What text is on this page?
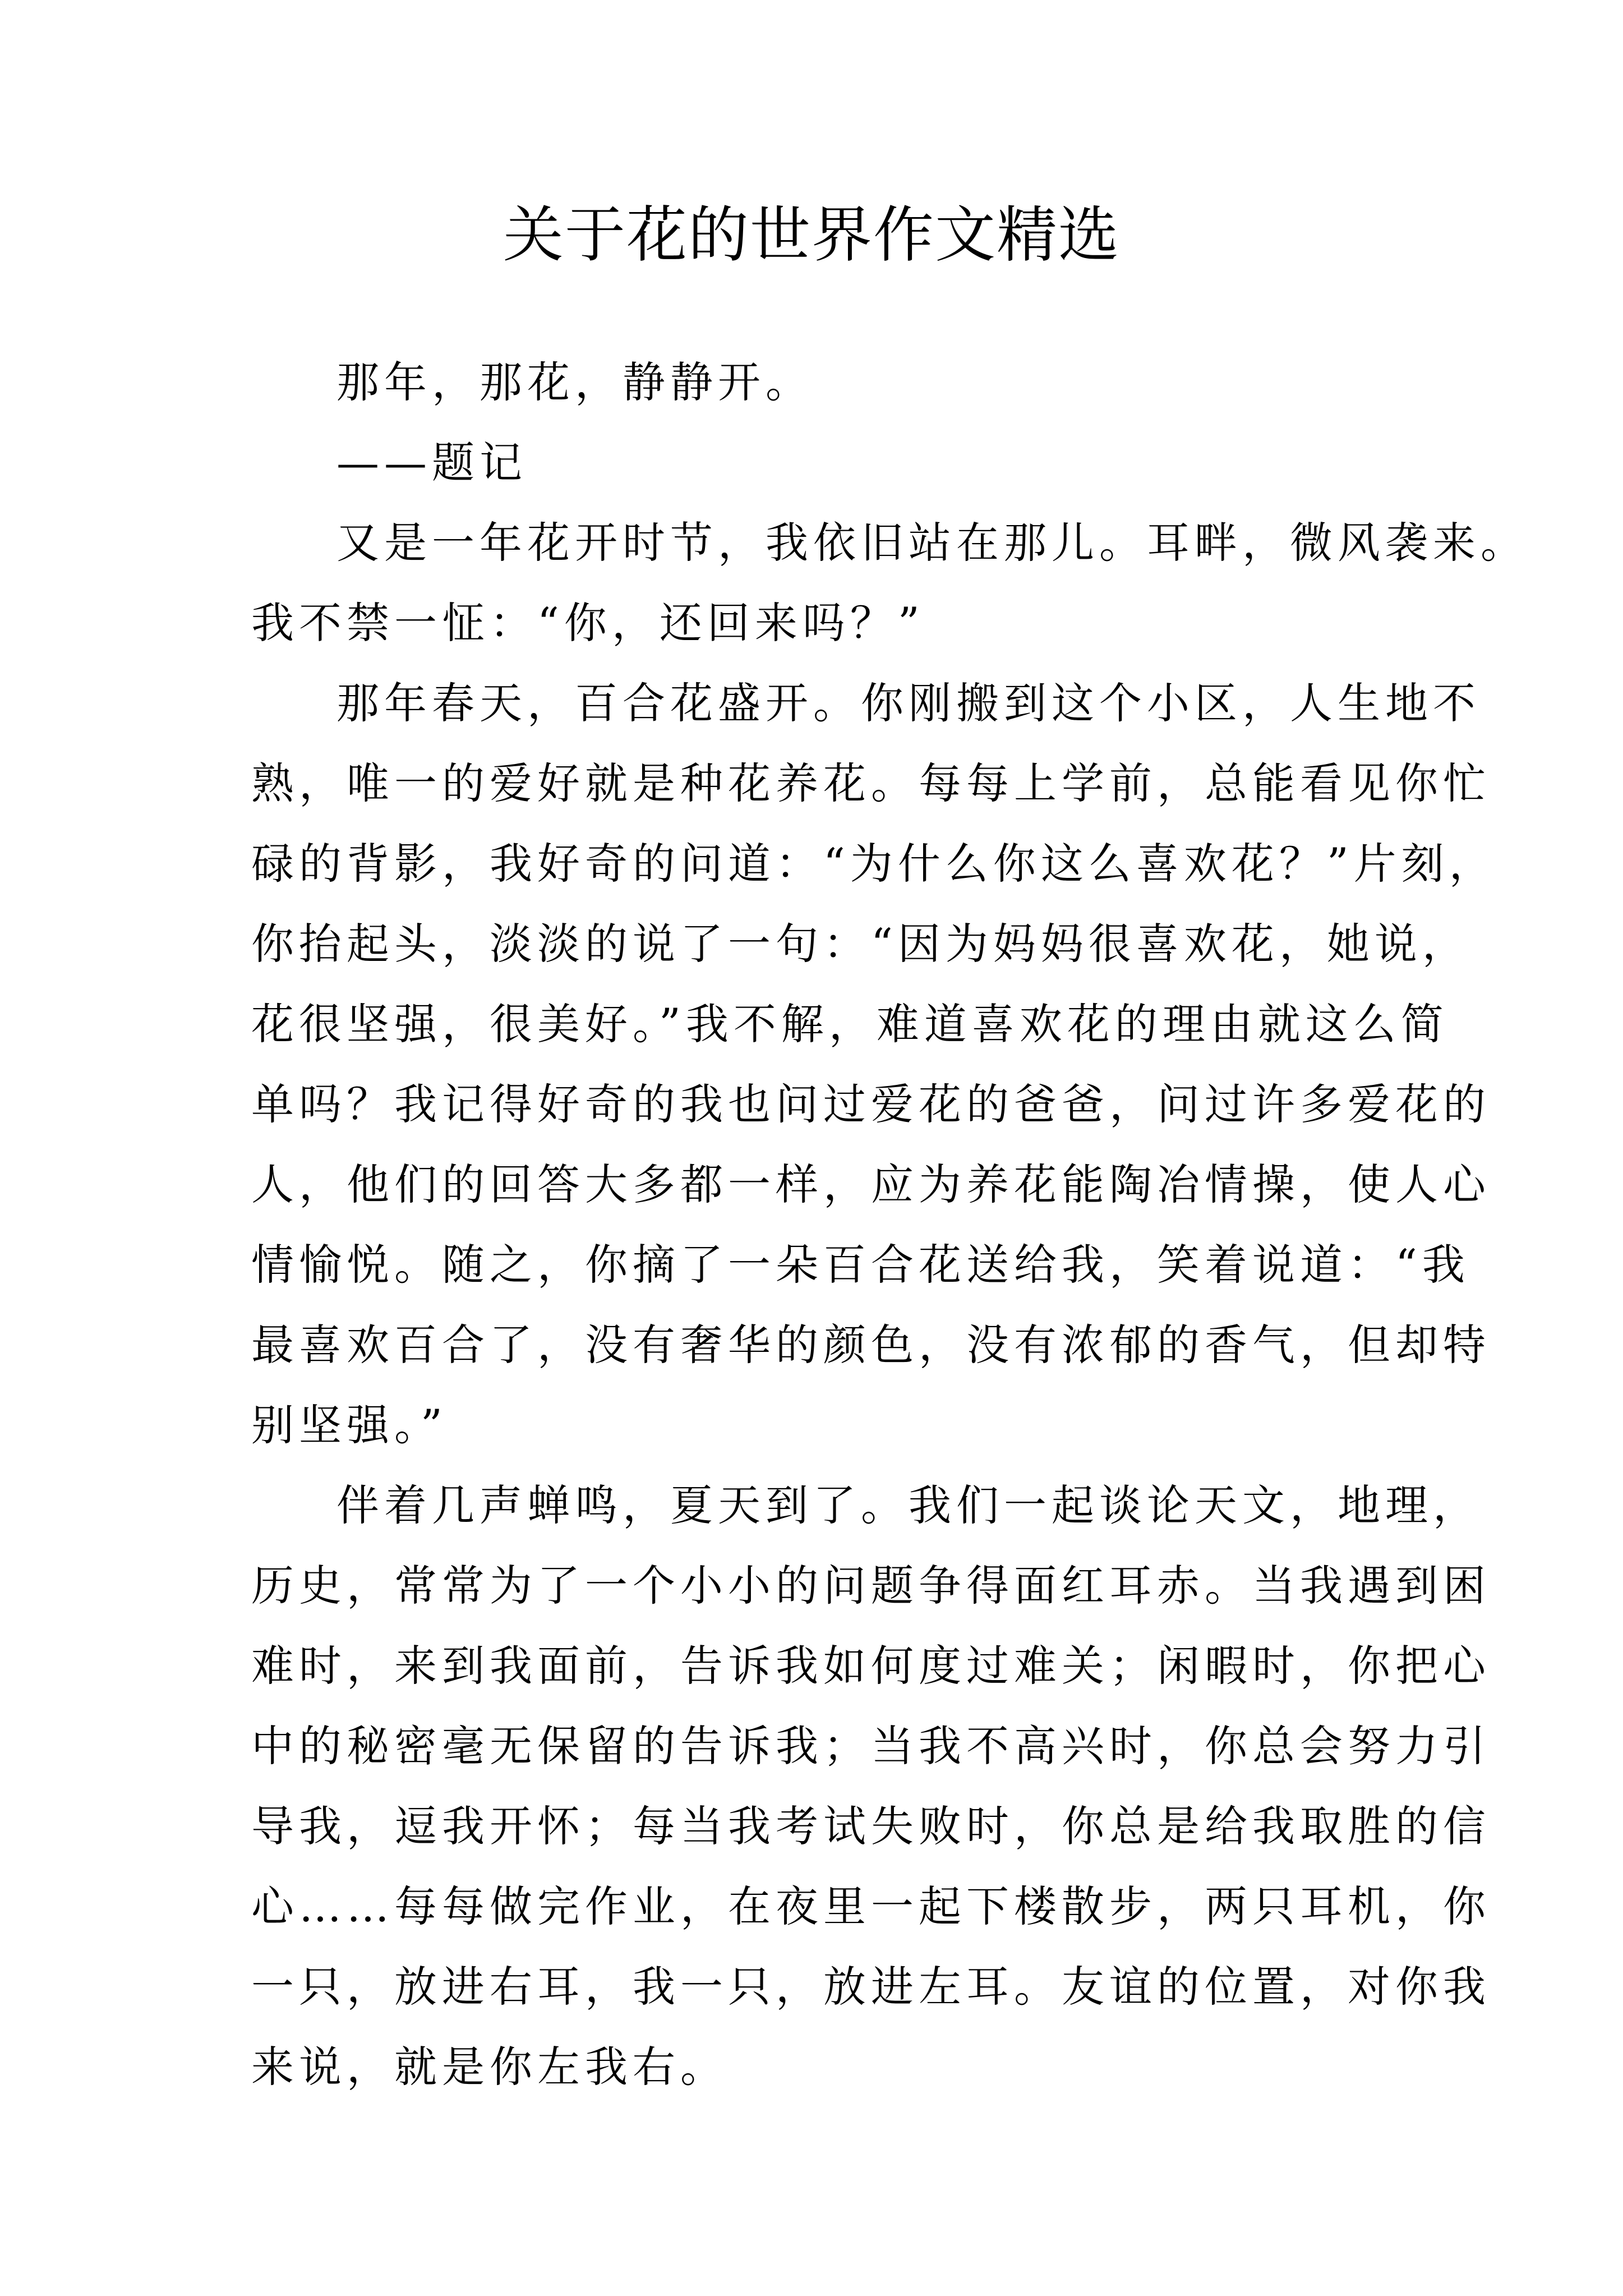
关于花的世界作文精选
那年，那花，静静开。
——题记
又是一年花开时节，我依旧站在那儿。耳畔，微风袭来。
我不禁一怔：“你，还回来吗？”
那年春天，百合花盛开。你刚搬到这个小区，人生地不
熟，唯一的爱好就是种花养花。每每上学前，总能看见你忙
碌的背影，我好奇的问道：“为什么你这么喜欢花？”片刻，
你抬起头，淡淡的说了一句：“因为妈妈很喜欢花，她说，
花很坚强，很美好。”我不解，难道喜欢花的理由就这么简
单吗？我记得好奇的我也问过爱花的爸爸，问过许多爱花的
人，他们的回答大多都一样，应为养花能陶冶情操，使人心
情愉悦。随之，你摘了一朵百合花送给我，笑着说道：“我
最喜欢百合了，没有奢华的颜色，没有浓郁的香气，但却特
别坚强。”
伴着几声蝉鸣，夏天到了。我们一起谈论天文，地理，
历史，常常为了一个小小的问题争得面红耳赤。当我遇到困
难时，来到我面前，告诉我如何度过难关；闲暇时，你把心
中的秘密毫无保留的告诉我；当我不高兴时，你总会努力引
导我，逗我开怀；每当我考试失败时，你总是给我取胜的信
心……每每做完作业，在夜里一起下楼散步，两只耳机，你
一只，放进右耳，我一只，放进左耳。友谊的位置，对你我
来说，就是你左我右。
